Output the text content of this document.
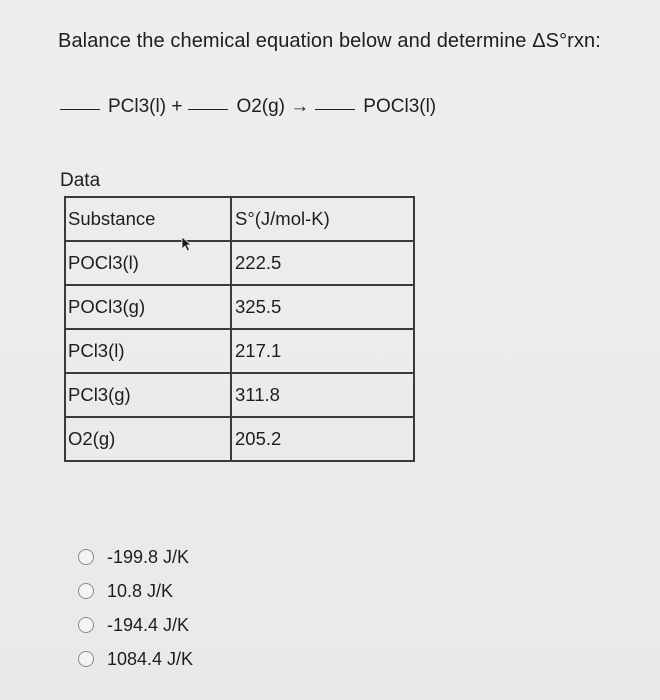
Balance the chemical equation below and determine ΔS°rxn:
PCl3(l) +	O2(g) →	POCl3(l)
Data
Substance	S°(J/mol-K)
POCl3(l)	222.5
POCl3(g)	325.5
PCl3(l)	217.1
PCl3(g)	311.8
O2(g)	205.2
-199.8 J/K
10.8 J/K
-194.4 J/K
1084.4 J/K
